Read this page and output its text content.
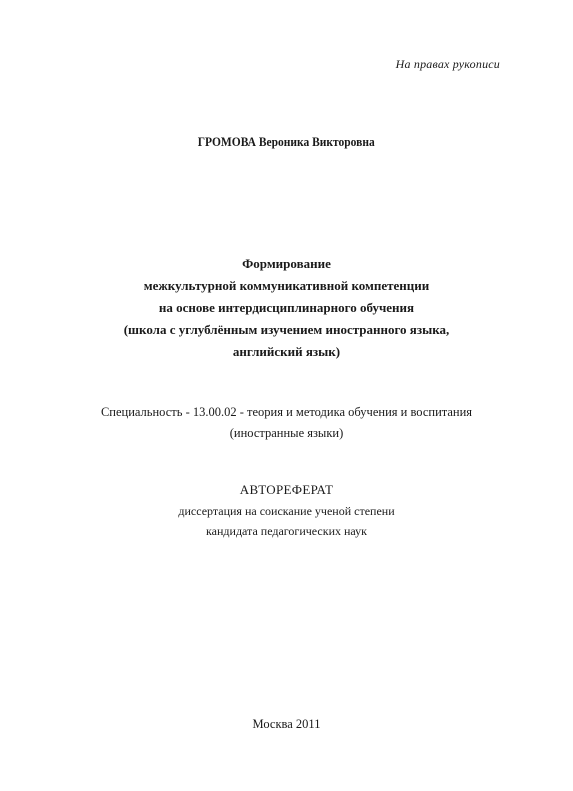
На правах рукописи
ГРОМОВА Вероника Викторовна
Формирование
межкультурной коммуникативной компетенции
на основе интердисциплинарного обучения
(школа с углублённым изучением иностранного языка,
английский язык)
Специальность - 13.00.02 - теория и методика обучения и воспитания
(иностранные языки)
АВТОРЕФЕРАТ
диссертация на соискание ученой степени
кандидата педагогических наук
Москва 2011
